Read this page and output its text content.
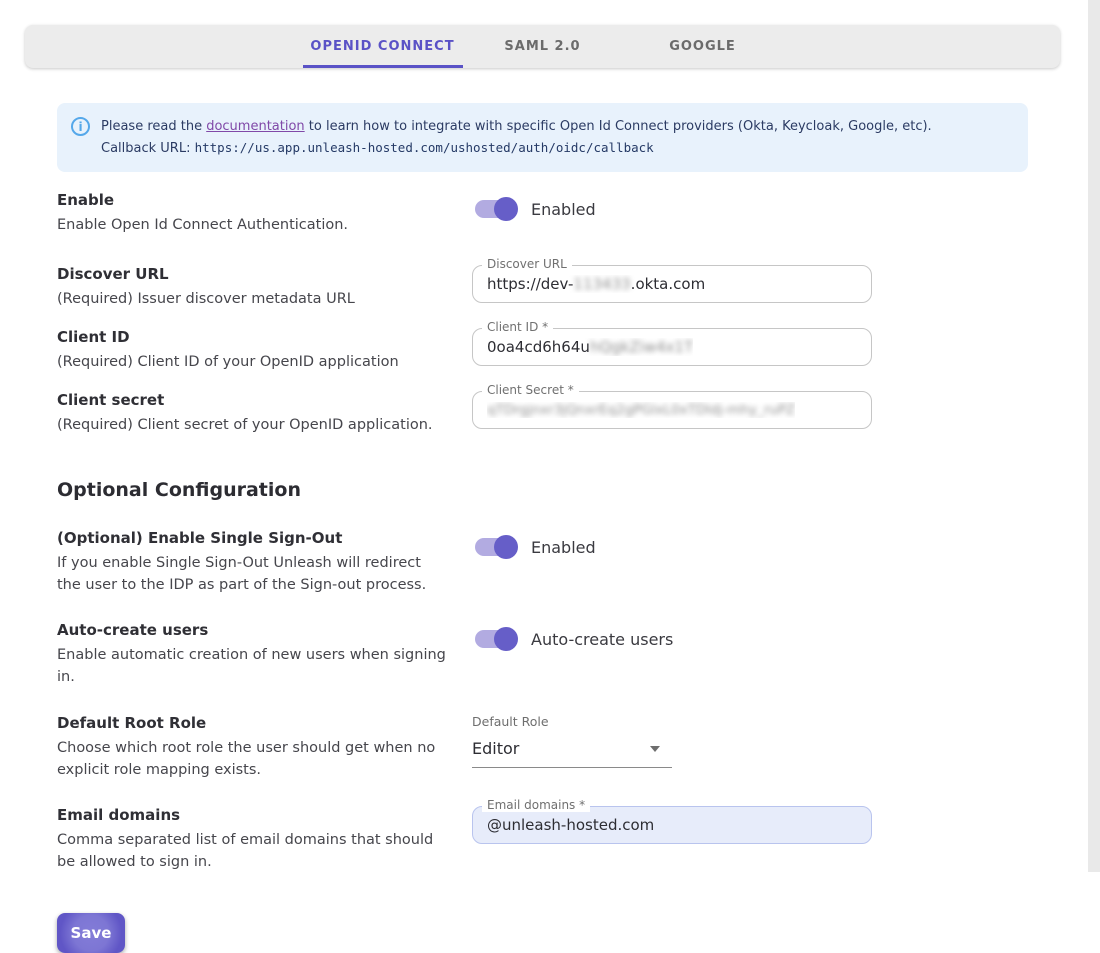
OPENID CONNECT	SAML 2.0	GOOGLE
i	Please read the documentation to learn how to integrate with specific Open Id Connect providers (Okta, Keycloak, Google, etc).
Callback URL: https://us.app.unleash-hosted.com/ushosted/auth/oidc/callback
Enable
Enable Open Id Connect Authentication.
Enabled
Discover URL
(Required) Issuer discover metadata URL
Discover URL
https://dev-113433.okta.com
Client ID
(Required) Client ID of your OpenID application
Client ID *
0oa4cd6h64uhQgkZiw4x1T
Client secret
(Required) Client secret of your OpenID application.
Client Secret *
qTDrgjnxr3jQnxrEq2gPGlxL0xTDldj-mhy_ruPZ
Optional Configuration
(Optional) Enable Single Sign-Out
If you enable Single Sign-Out Unleash will redirect the user to the IDP as part of the Sign-out process.
Enabled
Auto-create users
Enable automatic creation of new users when signing in.
Auto-create users
Default Root Role
Choose which root role the user should get when no explicit role mapping exists.
Default Role
Editor
Email domains
Comma separated list of email domains that should be allowed to sign in.
Email domains *
@unleash-hosted.com
Save
